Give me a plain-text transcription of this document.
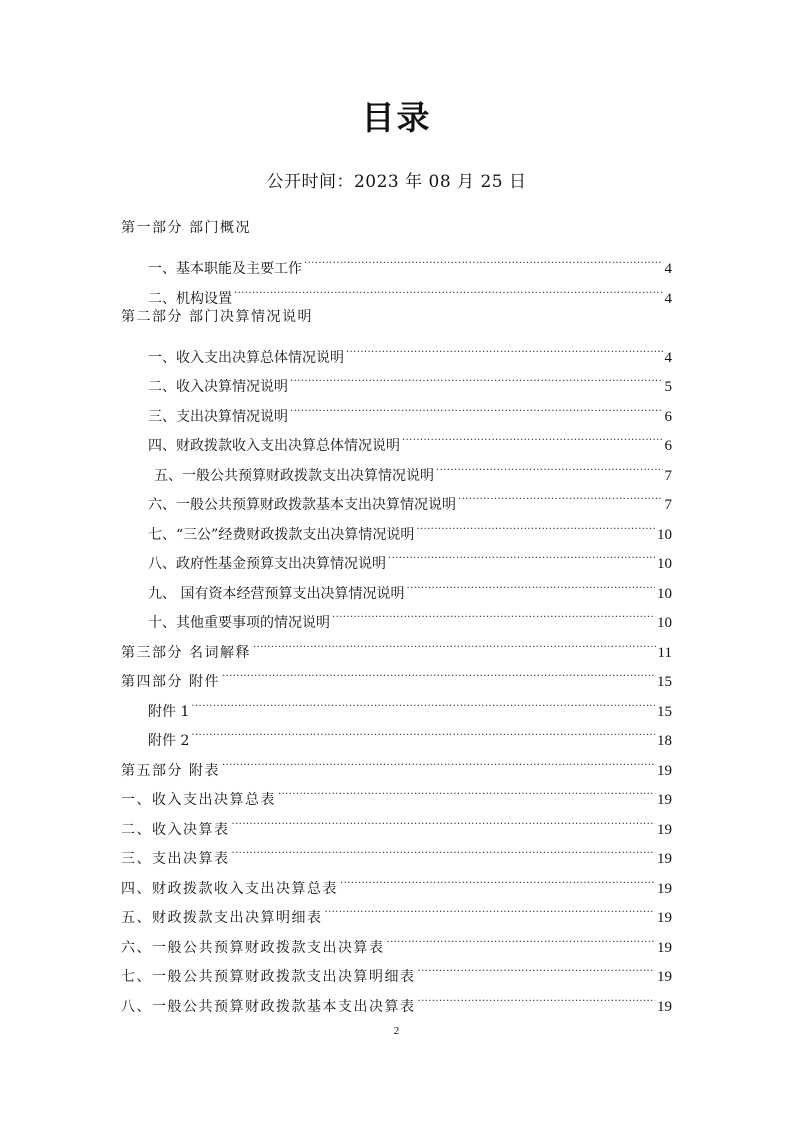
目录
公开时间：2023 年 08 月 25 日
第一部分 部门概况
一、基本职能及主要工作 .....	4
二、机构设置 .....	4
第二部分 部门决算情况说明
一、收入支出决算总体情况说明 .....	4
二、收入决算情况说明 .....	5
三、支出决算情况说明 .....	6
四、财政拨款收入支出决算总体情况说明 .....	6
五、一般公共预算财政拨款支出决算情况说明 .....	7
六、一般公共预算财政拨款基本支出决算情况说明 .....	7
七、“三公”经费财政拨款支出决算情况说明 .....	10
八、政府性基金预算支出决算情况说明 .....	10
九、 国有资本经营预算支出决算情况说明 .....	10
十、其他重要事项的情况说明 .....	10
第三部分 名词解释 .....	11
第四部分 附件 .....	15
附件 1 .....	15
附件 2 .....	18
第五部分 附表 .....	19
一、收入支出决算总表 .....	19
二、收入决算表 .....	19
三、支出决算表 .....	19
四、财政拨款收入支出决算总表 .....	19
五、财政拨款支出决算明细表 .....	19
六、一般公共预算财政拨款支出决算表 .....	19
七、一般公共预算财政拨款支出决算明细表 .....	19
八、一般公共预算财政拨款基本支出决算表 .....	19
2
